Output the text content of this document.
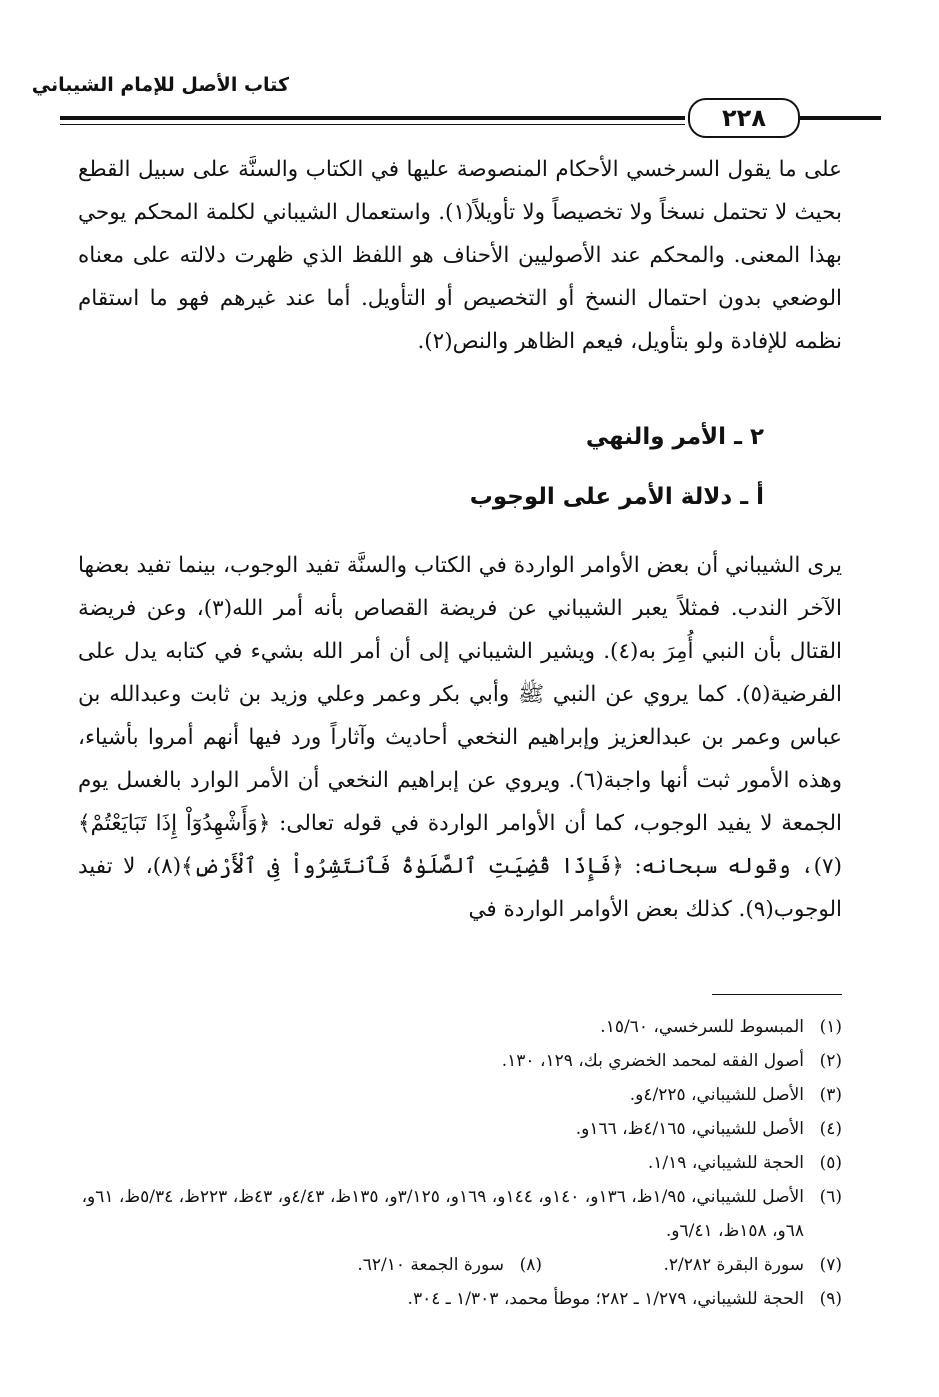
كتاب الأصل للإمام الشيباني
٢٢٨
على ما يقول السرخسي الأحكام المنصوصة عليها في الكتاب والسنَّة على سبيل القطع بحيث لا تحتمل نسخاً ولا تخصيصاً ولا تأويلاً(١). واستعمال الشيباني لكلمة المحكم يوحي بهذا المعنى. والمحكم عند الأصوليين الأحناف هو اللفظ الذي ظهرت دلالته على معناه الوضعي بدون احتمال النسخ أو التخصيص أو التأويل. أما عند غيرهم فهو ما استقام نظمه للإفادة ولو بتأويل، فيعم الظاهر والنص(٢).
٢ ـ الأمر والنهي
أ ـ دلالة الأمر على الوجوب
يرى الشيباني أن بعض الأوامر الواردة في الكتاب والسنَّة تفيد الوجوب، بينما تفيد بعضها الآخر الندب. فمثلاً يعبر الشيباني عن فريضة القصاص بأنه أمر الله(٣)، وعن فريضة القتال بأن النبي أُمِرَ به(٤). ويشير الشيباني إلى أن أمر الله بشيء في كتابه يدل على الفرضية(٥). كما يروي عن النبي ﷺ وأبي بكر وعمر وعلي وزيد بن ثابت وعبدالله بن عباس وعمر بن عبدالعزيز وإبراهيم النخعي أحاديث وآثاراً ورد فيها أنهم أمروا بأشياء، وهذه الأمور ثبت أنها واجبة(٦). ويروي عن إبراهيم النخعي أن الأمر الوارد بالغسل يوم الجمعة لا يفيد الوجوب، كما أن الأوامر الواردة في قوله تعالى: ﴿وَأَشْهِدُوٓاْ إِذَا تَبَايَعْتُمْ﴾(٧)، وقوله سبحانه: ﴿فَإِذَا قُضِيَتِ ٱلصَّلَوٰةُ فَٱنتَشِرُواْ فِى ٱلْأَرْضِ﴾(٨)، لا تفيد الوجوب(٩). كذلك بعض الأوامر الواردة في
(١)
المبسوط للسرخسي، ١٥/٦٠.
(٢)
أصول الفقه لمحمد الخضري بك، ١٢٩، ١٣٠.
(٣)
الأصل للشيباني، ٤/٢٢٥و.
(٤)
الأصل للشيباني، ٤/١٦٥ظ، ١٦٦و.
(٥)
الحجة للشيباني، ١/١٩.
(٦)
الأصل للشيباني، ١/٩٥ظ، ١٣٦و، ١٤٠و، ١٤٤و، ١٦٩و، ٣/١٢٥و، ١٣٥ظ، ٤/٤٣و، ٤٣ظ، ٢٢٣ظ، ٥/٣٤ظ، ٦١و، ٦٨و، ١٥٨ظ، ٦/٤١و.
(٧)
سورة البقرة ٢/٢٨٢.
(٨)
سورة الجمعة ٦٢/١٠.
(٩)
الحجة للشيباني، ١/٢٧٩ ـ ٢٨٢؛ موطأ محمد، ١/٣٠٣ ـ ٣٠٤.
